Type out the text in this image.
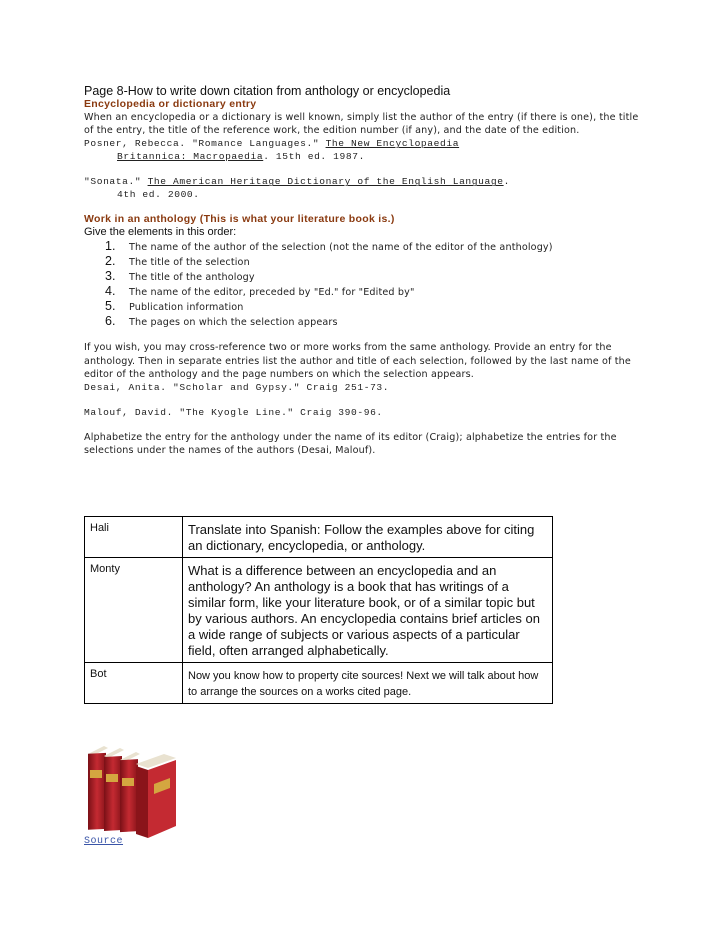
Page 8-How to write down citation from anthology or encyclopedia

Encyclopedia or dictionary entry
When an encyclopedia or a dictionary is well known, simply list the author of the entry (if there is one), the title of the entry, the title of the reference work, the edition number (if any), and the date of the edition.
Posner, Rebecca. "Romance Languages." The New Encyclopaedia
Britannica: Macropaedia. 15th ed. 1987.
"Sonata." The American Heritage Dictionary of the English Language.
4th ed. 2000.
Work in an anthology (This is what your literature book is.)
Give the elements in this order:
1.	The name of the author of the selection (not the name of the editor of the anthology)
2.	The title of the selection
3.	The title of the anthology
4.	The name of the editor, preceded by "Ed." for "Edited by"
5.	Publication information
6.	The pages on which the selection appears
If you wish, you may cross-reference two or more works from the same anthology. Provide an entry for the anthology. Then in separate entries list the author and title of each selection, followed by the last name of the editor of the anthology and the page numbers on which the selection appears.
Desai, Anita. "Scholar and Gypsy." Craig 251-73.
Malouf, David. "The Kyogle Line." Craig 390-96.
Alphabetize the entry for the anthology under the name of its editor (Craig); alphabetize the entries for the selections under the names of the authors (Desai, Malouf).
Hali	Translate into Spanish: Follow the examples above for citing an dictionary, encyclopedia, or anthology.
Monty	What is a difference between an encyclopedia and an anthology? An anthology is a book that has writings of a similar form, like your literature book, or of a similar topic but by various authors. An encyclopedia contains brief articles on a wide range of subjects or various aspects of a particular field, often arranged alphabetically.
Bot	Now you know how to property cite sources! Next we will talk about how to arrange the sources on a works cited page.
Source
